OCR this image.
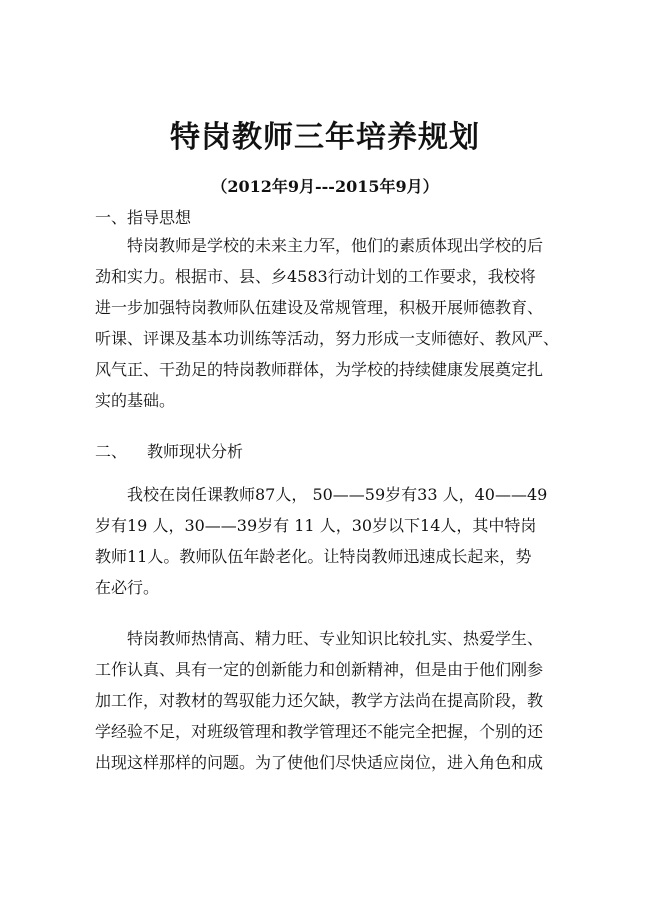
特岗教师三年培养规划
（2012年9月---2015年9月）
一、指导思想
特岗教师是学校的未来主力军，他们的素质体现出学校的后
劲和实力。根据市、县、乡4583行动计划的工作要求，我校将
进一步加强特岗教师队伍建设及常规管理，积极开展师德教育、
听课、评课及基本功训练等活动，努力形成一支师德好、教风严、
风气正、干劲足的特岗教师群体，为学校的持续健康发展奠定扎
实的基础。
二、 教师现状分析
我校在岗任课教师87人， 50——59岁有33 人，40——49
岁有19 人，30——39岁有 11 人，30岁以下14人，其中特岗
教师11人。教师队伍年龄老化。让特岗教师迅速成长起来，势
在必行。
特岗教师热情高、精力旺、专业知识比较扎实、热爱学生、
工作认真、具有一定的创新能力和创新精神，但是由于他们刚参
加工作，对教材的驾驭能力还欠缺，教学方法尚在提高阶段，教
学经验不足，对班级管理和教学管理还不能完全把握，个别的还
出现这样那样的问题。为了使他们尽快适应岗位，进入角色和成
